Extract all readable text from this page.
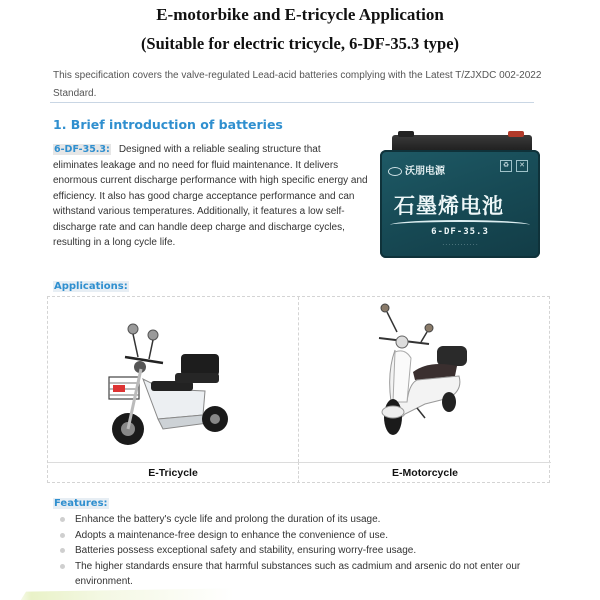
E-motorbike and E-tricycle Application
(Suitable for electric tricycle, 6-DF-35.3 type)

This specification covers the valve-regulated Lead-acid batteries complying with the Latest T/ZJXDC 002-2022 Standard.

1. Brief introduction of batteries

6-DF-35.3: Designed with a reliable sealing structure that eliminates leakage and no need for fluid maintenance. It delivers enormous current discharge performance with high specific energy and efficiency. It also has good charge acceptance performance and can withstand various temperatures. Additionally, it features a low self-discharge rate and can handle deep charge and discharge cycles, resulting in a long cycle life.

沃朋电源
♻	✕
石墨烯电池
6-DF-35.3
· · · · · · · · · · · ·
Applications:
E-Tricycle	E-Motorcycle
Features:
Enhance the battery's cycle life and prolong the duration of its usage.
Adopts a maintenance-free design to enhance the convenience of use.
Batteries possess exceptional safety and stability, ensuring worry-free usage.
The higher standards ensure that harmful substances such as cadmium and arsenic do not enter our environment.
